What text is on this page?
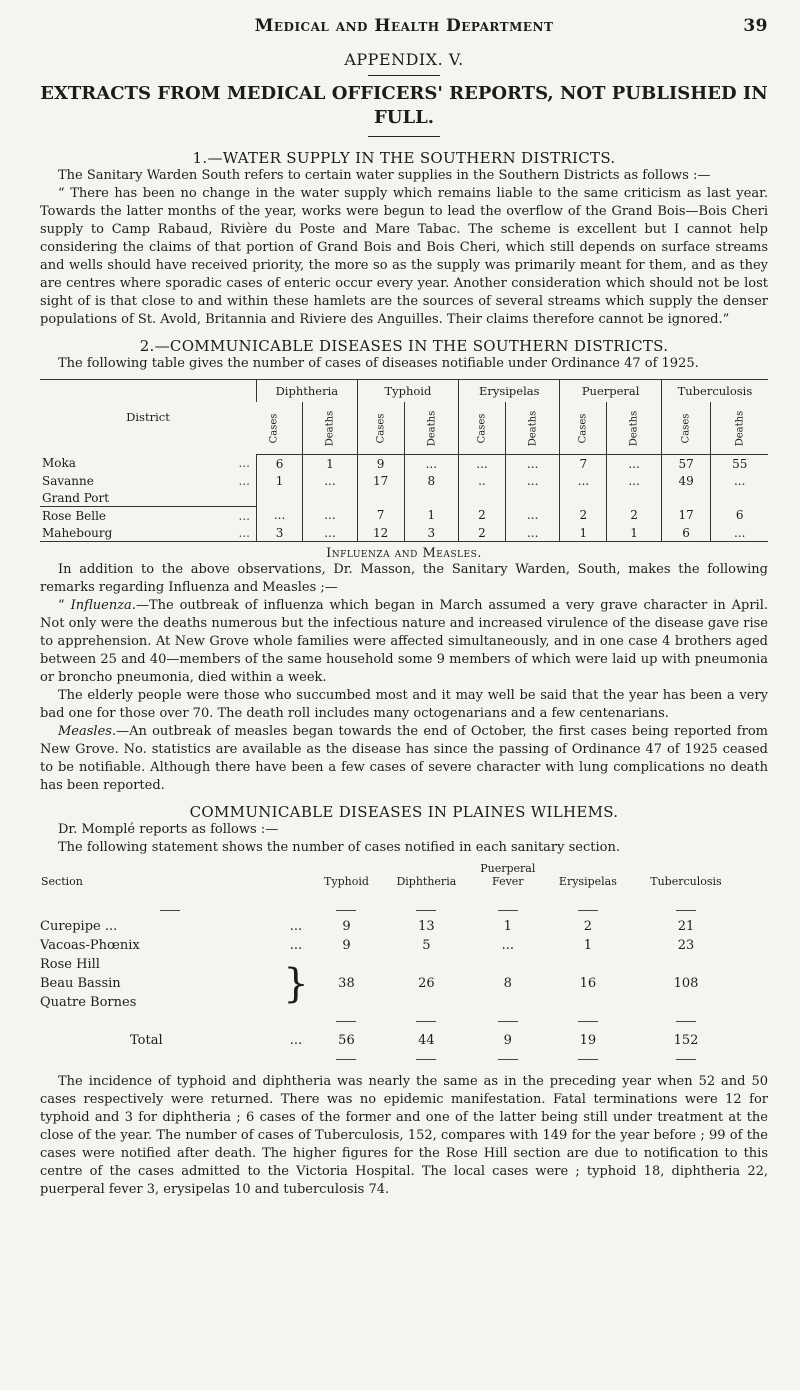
Medical and Health Department	39
APPENDIX. V.
EXTRACTS FROM MEDICAL OFFICERS' REPORTS, NOT PUBLISHED IN FULL.
1.—WATER SUPPLY IN THE SOUTHERN DISTRICTS.

The Sanitary Warden South refers to certain water supplies in the Southern Districts as follows :—

“ There has been no change in the water supply which remains liable to the same criticism as last year. Towards the latter months of the year, works were begun to lead the overflow of the Grand Bois—Bois Cheri supply to Camp Rabaud, Rivière du Poste and Mare Tabac. The scheme is excellent but I cannot help considering the claims of that portion of Grand Bois and Bois Cheri, which still depends on surface streams and wells should have received priority, the more so as the supply was primarily meant for them, and as they are centres where sporadic cases of enteric occur every year. Another consideration which should not be lost sight of is that close to and within these hamlets are the sources of several streams which supply the denser populations of St. Avold, Britannia and Riviere des Anguilles. Their claims therefore cannot be ignored.”

2.—COMMUNICABLE DISEASES IN THE SOUTHERN DISTRICTS.

The following table gives the number of cases of diseases notifiable under Ordinance 47 of 1925.

District	Diphtheria		Typhoid		Erysipelas		Puerperal		Tuberculosis	
	Cases	Deaths	Cases	Deaths	Cases	Deaths	Cases	Deaths	Cases	Deaths
Moka ...	6	1	9	...	...	...	7	...	57	55
Savanne ...	1	...	17	8	..	...	...	...	49	...
Grand Port										
Rose Belle ...	...	...	7	1	2	...	2	2	17	6
Mahebourg ...	3	...	12	3	2	...	1	1	6	...
Influenza and Measles.

In addition to the above observations, Dr. Masson, the Sanitary Warden, South, makes the following remarks regarding Influenza and Measles ;—

“ Influenza.—The outbreak of influenza which began in March assumed a very grave character in April. Not only were the deaths numerous but the infectious nature and increased virulence of the disease gave rise to apprehension. At New Grove whole families were affected simultaneously, and in one case 4 brothers aged between 25 and 40—members of the same household some 9 members of which were laid up with pneumonia or broncho pneumonia, died within a week.

The elderly people were those who succumbed most and it may well be said that the year has been a very bad one for those over 70. The death roll includes many octogenarians and a few centenarians.

Measles.—An outbreak of measles began towards the end of October, the first cases being reported from New Grove. No. statistics are available as the disease has since the passing of Ordinance 47 of 1925 ceased to be notifiable. Although there have been a few cases of severe character with lung complications no death has been reported.

COMMUNICABLE DISEASES IN PLAINES WILHEMS.

Dr. Momplé reports as follows :—

The following statement shows the number of cases notified in each sanitary section.

Section		Typhoid	Diphtheria	Puerperal Fever	Erysipelas	Tuberculosis

Curepipe ...	...	9	13	1	2	21
Vacoas-Phœnix	...	9	5	...	1	23

Rose Hill
Beau Bassin
Quatre Bornes	}	38	26	8	16	108

Total	...	56	44	9	19	152

The incidence of typhoid and diphtheria was nearly the same as in the preceding year when 52 and 50 cases respectively were returned. There was no epidemic manifestation. Fatal terminations were 12 for typhoid and 3 for diphtheria ; 6 cases of the former and one of the latter being still under treatment at the close of the year. The number of cases of Tuberculosis, 152, compares with 149 for the year before ; 99 of the cases were notified after death. The higher figures for the Rose Hill section are due to notification to this centre of the cases admitted to the Victoria Hospital. The local cases were ; typhoid 18, diphtheria 22, puerperal fever 3, erysipelas 10 and tuberculosis 74.
